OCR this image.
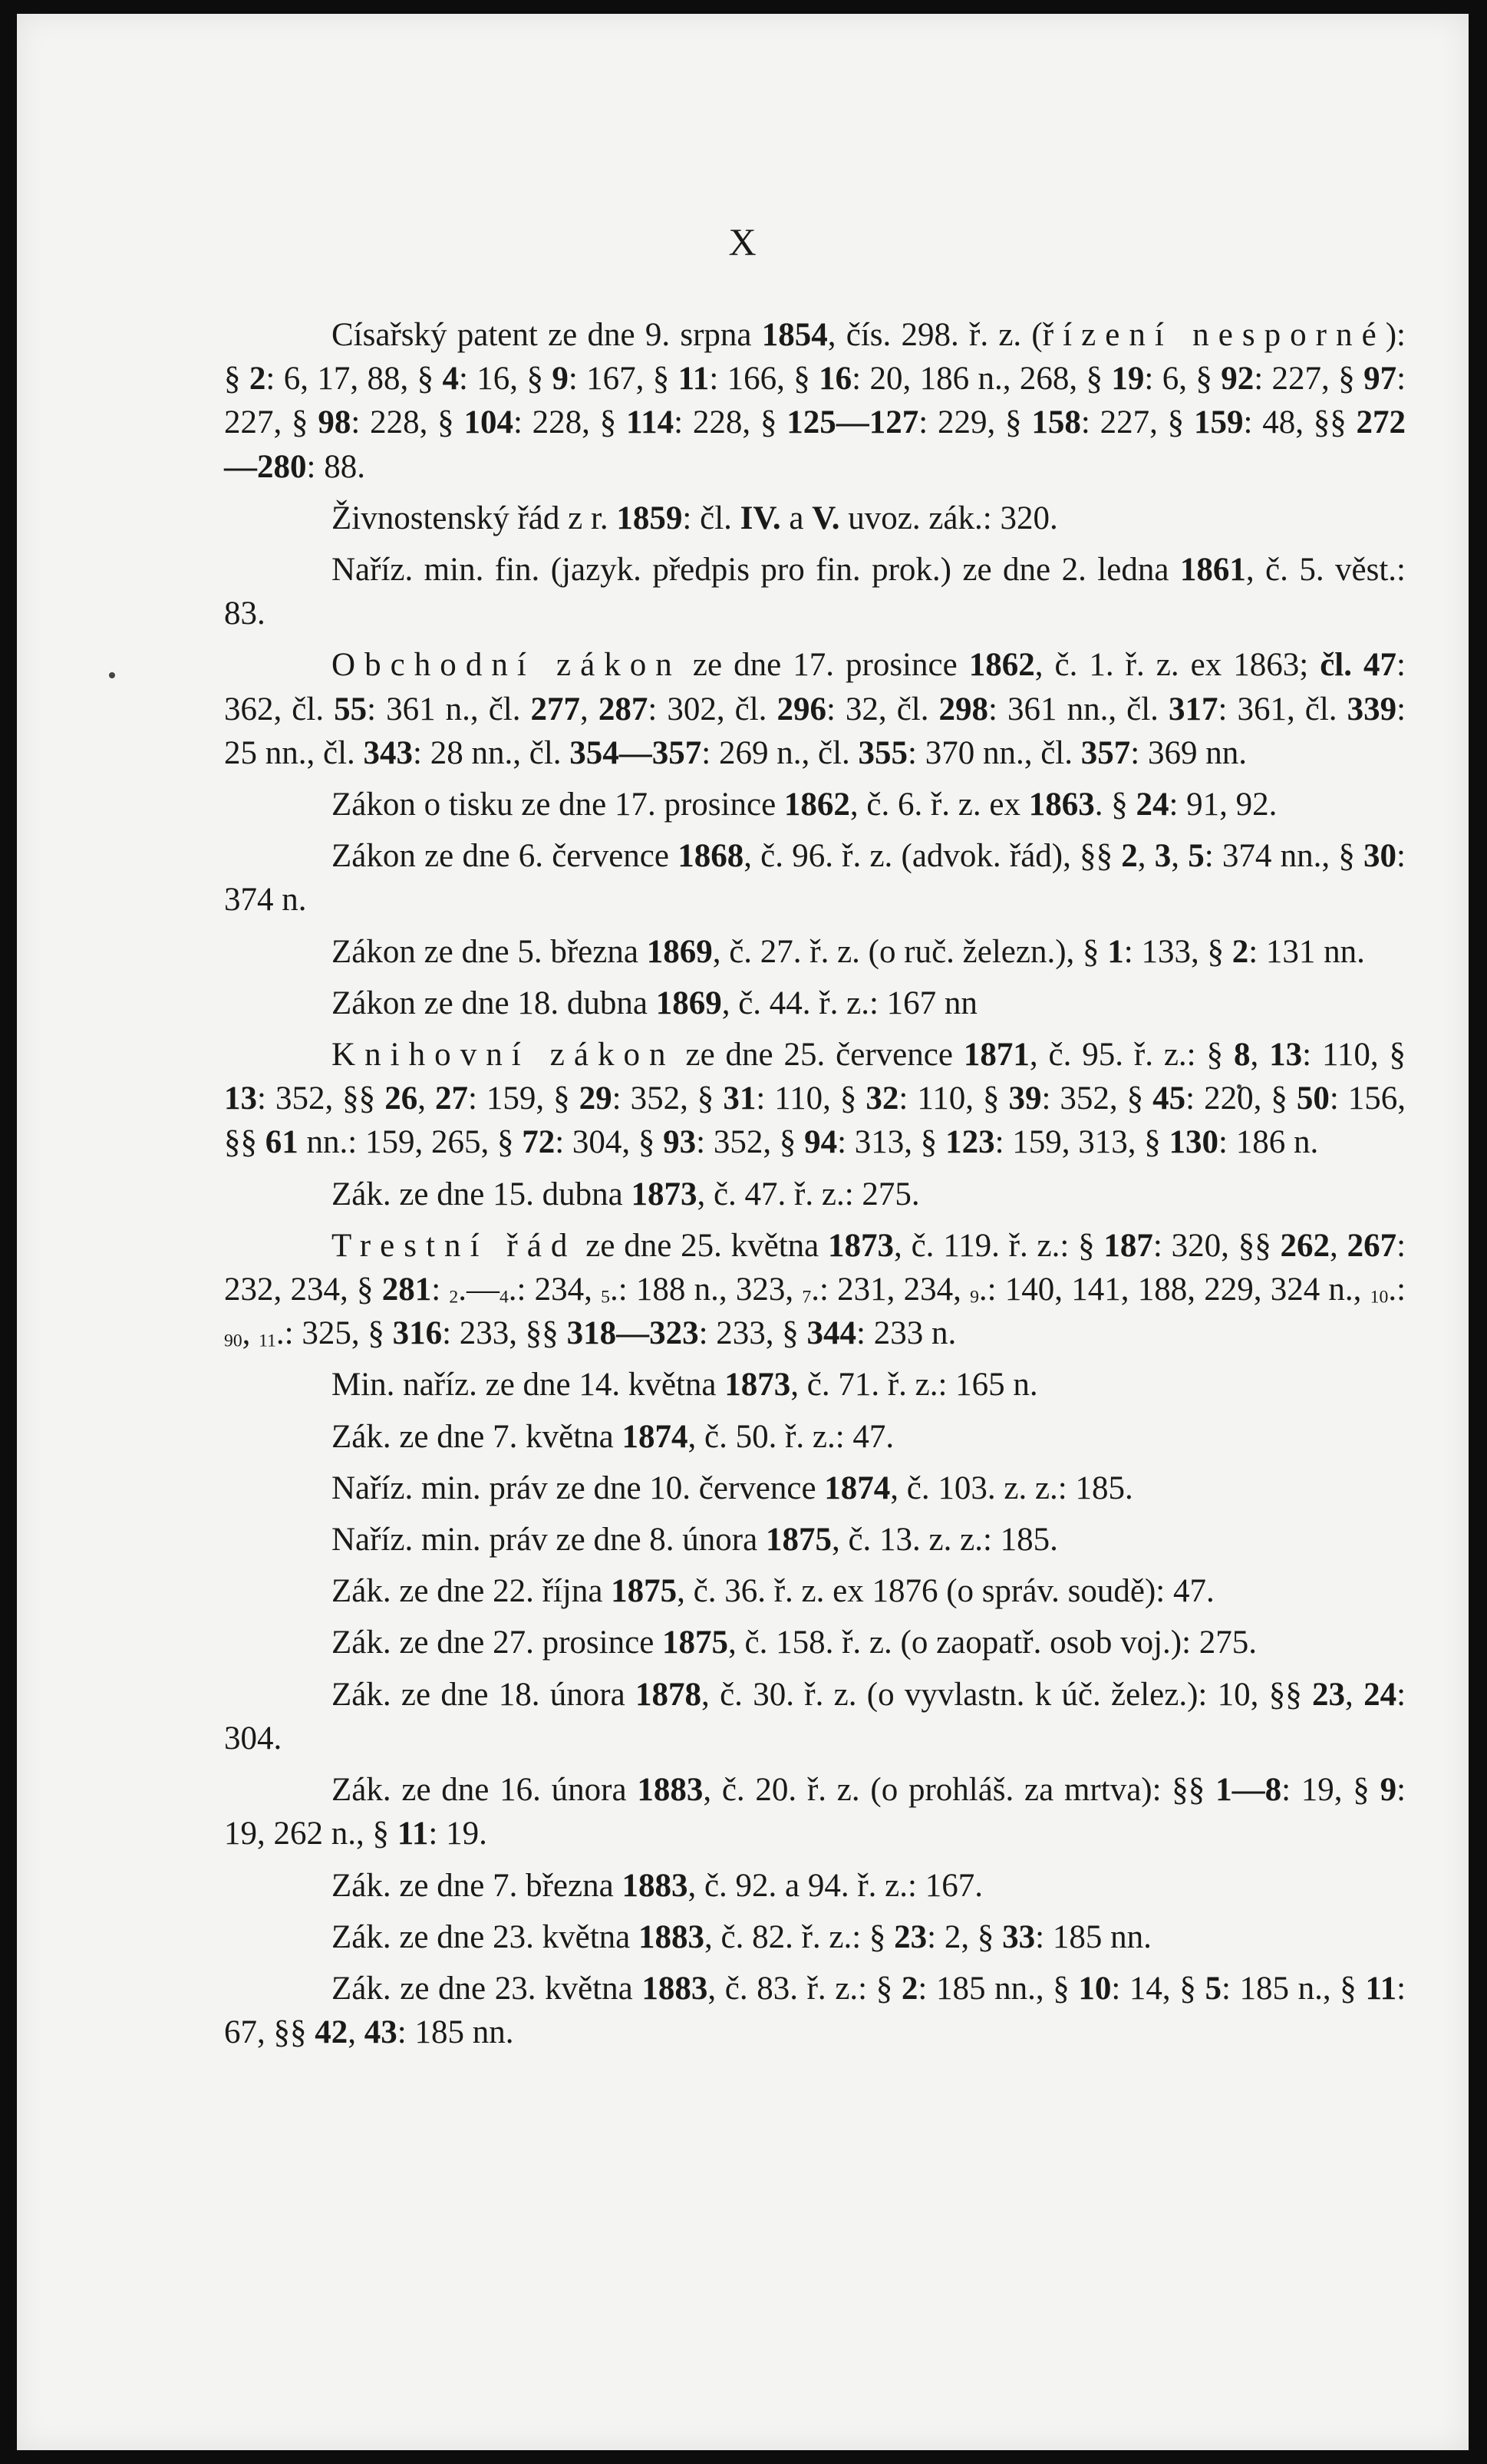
X

Císařský patent ze dne 9. srpna 1854, čís. 298. ř. z. (řízení nesporné): § 2: 6, 17, 88, § 4: 16, § 9: 167, § 11: 166, § 16: 20, 186 n., 268, § 19: 6, § 92: 227, § 97: 227, § 98: 228, § 104: 228, § 114: 228, § 125—127: 229, § 158: 227, § 159: 48, §§ 272—280: 88.

Živnostenský řád z r. 1859: čl. IV. a V. uvoz. zák.: 320.

Naříz. min. fin. (jazyk. předpis pro fin. prok.) ze dne 2. ledna 1861, č. 5. věst.: 83.

Obchodní zákon ze dne 17. prosince 1862, č. 1. ř. z. ex 1863; čl. 47: 362, čl. 55: 361 n., čl. 277, 287: 302, čl. 296: 32, čl. 298: 361 nn., čl. 317: 361, čl. 339: 25 nn., čl. 343: 28 nn., čl. 354—357: 269 n., čl. 355: 370 nn., čl. 357: 369 nn.

Zákon o tisku ze dne 17. prosince 1862, č. 6. ř. z. ex 1863. § 24: 91, 92.

Zákon ze dne 6. července 1868, č. 96. ř. z. (advok. řád), §§ 2, 3, 5: 374 nn., § 30: 374 n.

Zákon ze dne 5. března 1869, č. 27. ř. z. (o ruč. železn.), § 1: 133, § 2: 131 nn.

Zákon ze dne 18. dubna 1869, č. 44. ř. z.: 167 nn

Knihovní zákon ze dne 25. července 1871, č. 95. ř. z.: § 8, 13: 110, § 13: 352, §§ 26, 27: 159, § 29: 352, § 31: 110, § 32: 110, § 39: 352, § 45: 220, § 50: 156, §§ 61 nn.: 159, 265, § 72: 304, § 93: 352, § 94: 313, § 123: 159, 313, § 130: 186 n.

Zák. ze dne 15. dubna 1873, č. 47. ř. z.: 275.

Trestní řád ze dne 25. května 1873, č. 119. ř. z.: § 187: 320, §§ 262, 267: 232, 234, § 281: $_2.—_4$.: 234, $_5$.: 188 n., 323, $_7$.: 231, 234, $_9$.: 140, 141, 188, 229, 324 n., $_{10}$.: $_{90}$, $_{11}$.: 325, § 316: 233, §§ 318—323: 233, § 344: 233 n.

Min. naříz. ze dne 14. května 1873, č. 71. ř. z.: 165 n.

Zák. ze dne 7. května 1874, č. 50. ř. z.: 47.

Naříz. min. práv ze dne 10. července 1874, č. 103. z. z.: 185.

Naříz. min. práv ze dne 8. února 1875, č. 13. z. z.: 185.

Zák. ze dne 22. října 1875, č. 36. ř. z. ex 1876 (o správ. soudě): 47.

Zák. ze dne 27. prosince 1875, č. 158. ř. z. (o zaopatř. osob voj.): 275.

Zák. ze dne 18. února 1878, č. 30. ř. z. (o vyvlastn. k úč. želez.): 10, §§ 23, 24: 304.

Zák. ze dne 16. února 1883, č. 20. ř. z. (o prohláš. za mrtva): §§ 1—8: 19, § 9: 19, 262 n., § 11: 19.

Zák. ze dne 7. března 1883, č. 92. a 94. ř. z.: 167.

Zák. ze dne 23. května 1883, č. 82. ř. z.: § 23: 2, § 33: 185 nn.

Zák. ze dne 23. května 1883, č. 83. ř. z.: § 2: 185 nn., § 10: 14, § 5: 185 n., § 11: 67, §§ 42, 43: 185 nn.
